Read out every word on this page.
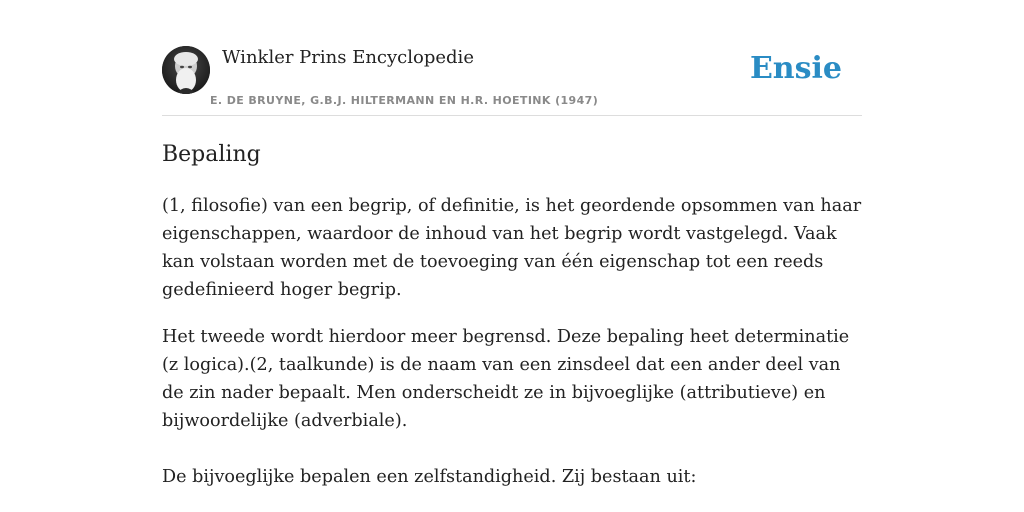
Winkler Prins Encyclopedie
E. DE BRUYNE, G.B.J. HILTERMANN EN H.R. HOETINK (1947)
Ensie
Bepaling

(1, filosofie) van een begrip, of definitie, is het geordende opsommen van haar eigenschappen, waardoor de inhoud van het begrip wordt vastgelegd. Vaak kan volstaan worden met de toevoeging van één eigenschap tot een reeds gedefinieerd hoger begrip.

Het tweede wordt hierdoor meer begrensd. Deze bepaling heet determinatie (z logica).(2, taalkunde) is de naam van een zinsdeel dat een ander deel van de zin nader bepaalt. Men onderscheidt ze in bijvoeglijke (attributieve) en bijwoordelijke (adverbiale).

De bijvoeglijke bepalen een zelfstandigheid. Zij bestaan uit:
